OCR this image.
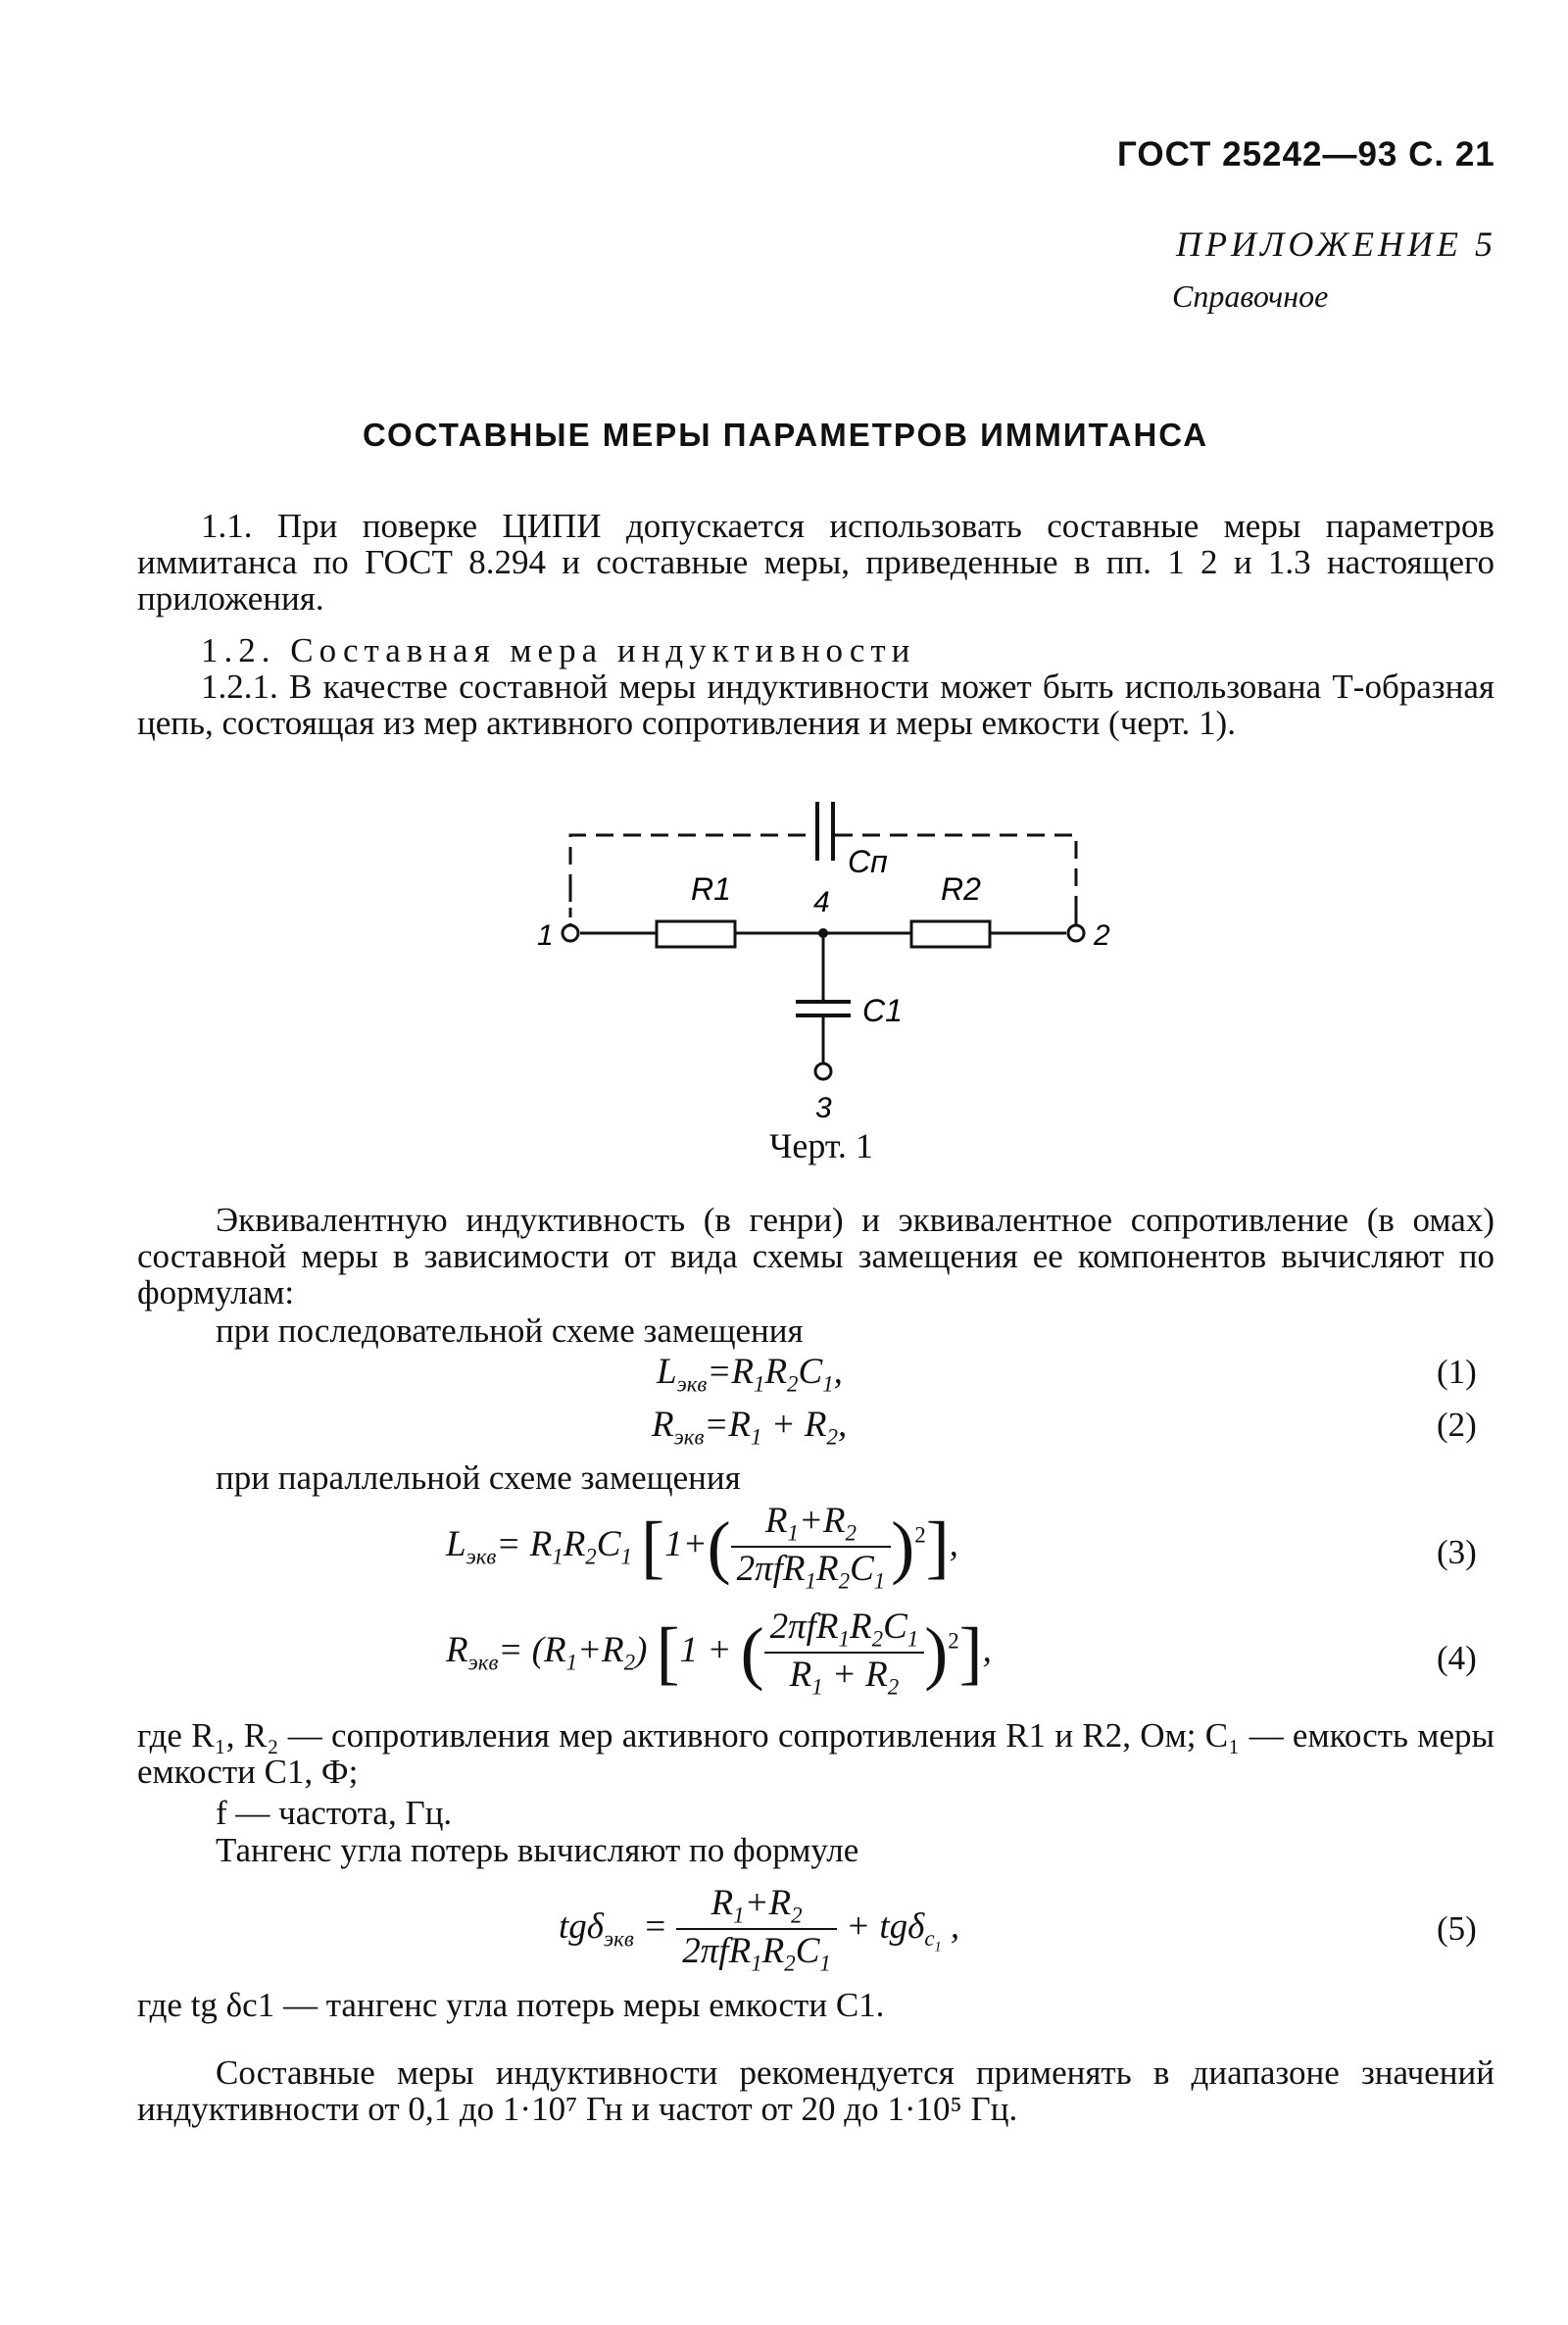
ГОСТ 25242—93 С. 21
ПРИЛОЖЕНИЕ 5
Справочное
СОСТАВНЫЕ МЕРЫ ПАРАМЕТРОВ ИММИТАНСА
1.1. При поверке ЦИПИ допускается использовать составные меры параметров иммитанса по ГОСТ 8.294 и составные меры, приведенные в пп. 1 2 и 1.3 настоящего приложения.
1.2. Составная мера индуктивности
1.2.1. В качестве составной меры индуктивности может быть использована Т-образная цепь, состоящая из мер активного сопротивления и меры емкости (черт. 1).
Cп
R1	R2
4
C1
1	2
3
Черт. 1
Эквивалентную индуктивность (в генри) и эквивалентное сопротивление (в омах) составной меры в зависимости от вида схемы замещения ее компонентов вычисляют по формулам:
при последовательной схеме замещения
$L_{экв}=R_1R_2C_1$,	(1)
$R_{экв}=R_1 + R_2$,	(2)
при параллельной схеме замещения
$L_{экв}= R_1R_2C_1$ $[1+( \frac{R_1+R_2}{2\pi fR_1R_2C_1} )^2]$,	(3)
$R_{экв}= (R_1+R_2) [1$ + ( $\frac{2\pi fR_1R_2C_1}{R_1 + R_2} )^2$],	(4)
где R₁, R₂ — сопротивления мер активного сопротивления R1 и R2, Ом; C₁ — емкость меры емкости C1, Ф;
f — частота, Гц.
Тангенс угла потерь вычисляют по формуле
$tg\delta_{экв} = \frac{R_1+R_2}{2\pi fR_1R_2C_1} + tg\delta_{c_1}$ ,	(5)
где tg δc1 — тангенс угла потерь меры емкости C1.
Составные меры индуктивности рекомендуется применять в диапазоне значений индуктивности от 0,1 до 1·10⁷ Гн и частот от 20 до 1·10⁵ Гц.
